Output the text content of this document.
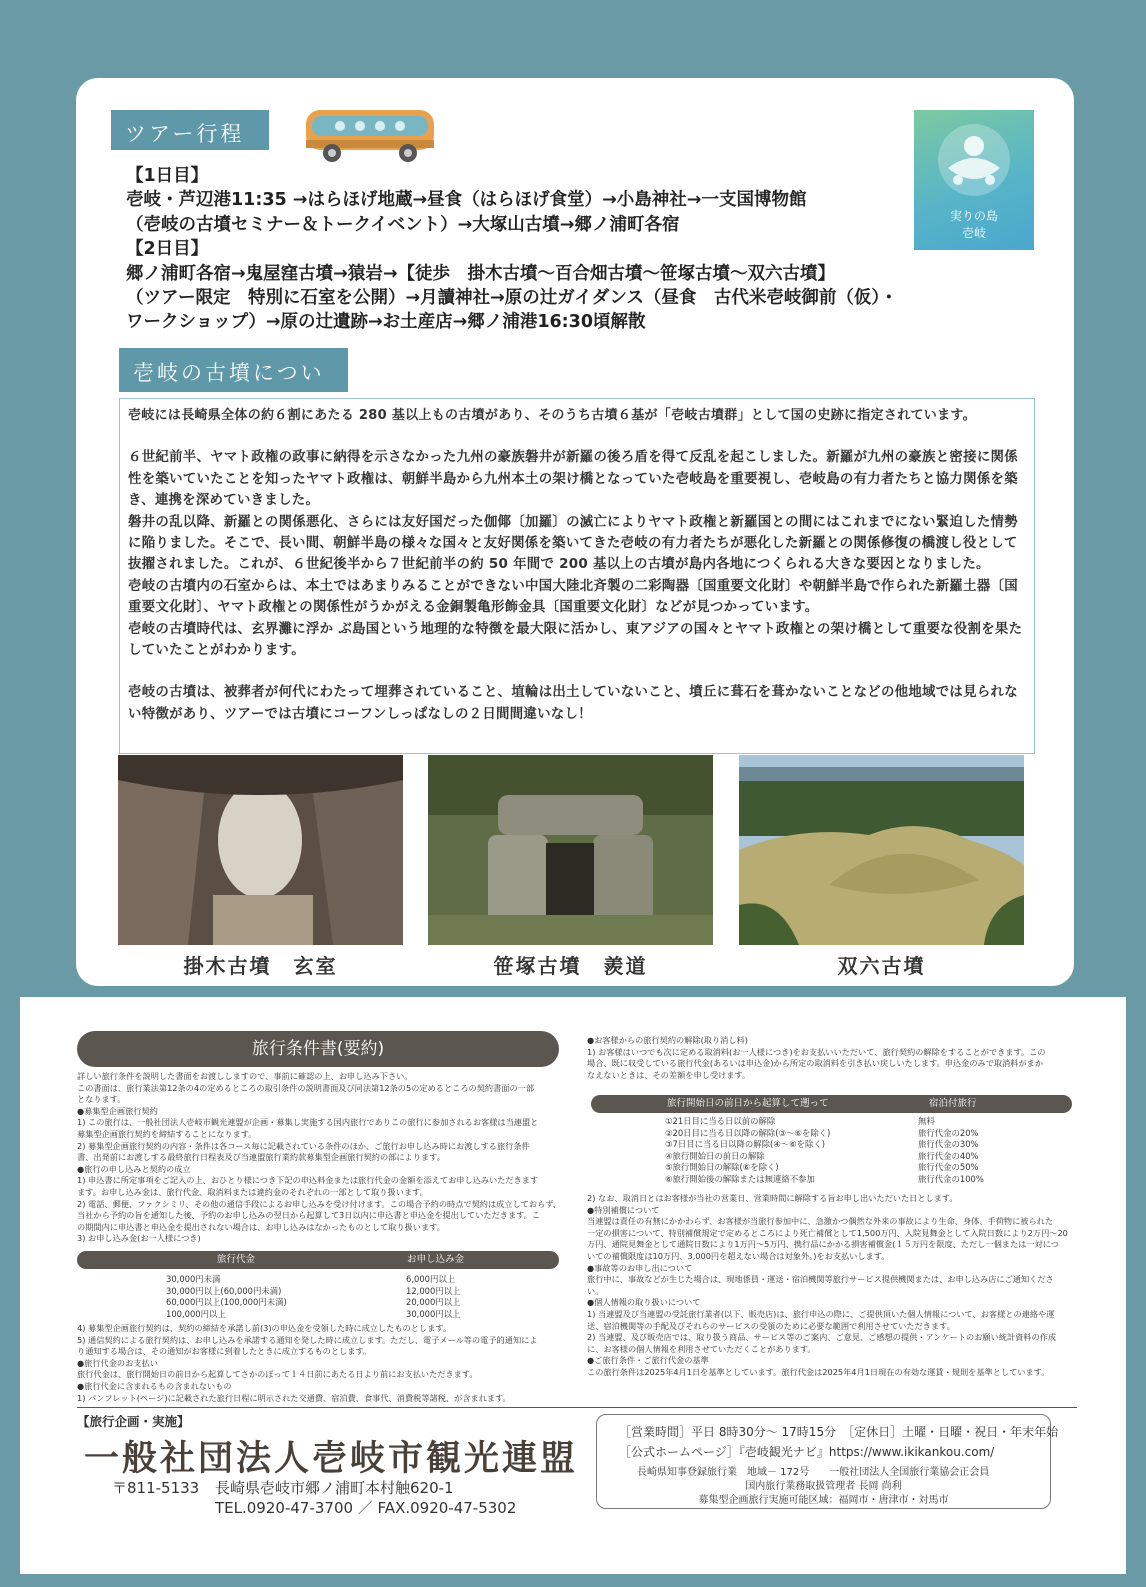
ツアー行程
【1日目】
壱岐・芦辺港11:35 →はらほげ地蔵→昼食（はらほげ食堂）→小島神社→一支国博物館
（壱岐の古墳セミナー＆トークイベント）→大塚山古墳→郷ノ浦町各宿
【2日目】
郷ノ浦町各宿→鬼屋窪古墳→猿岩→【徒歩　掛木古墳～百合畑古墳～笹塚古墳～双六古墳】
（ツアー限定　特別に石室を公開）→月讀神社→原の辻ガイダンス（昼食　古代米壱岐御前（仮）・
ワークショップ）→原の辻遺跡→お土産店→郷ノ浦港16:30頃解散
実りの島
壱岐
壱岐の古墳について

壱岐には長崎県全体の約６割にあたる 280 基以上もの古墳があり、そのうち古墳６基が「壱岐古墳群」として国の史跡に指定されています。

６世紀前半、ヤマト政権の政事に納得を示さなかった九州の豪族磐井が新羅の後ろ盾を得て反乱を起こしました。新羅が九州の豪族と密接に関係性を築いていたことを知ったヤマト政権は、朝鮮半島から九州本土の架け橋となっていた壱岐島を重要視し、壱岐島の有力者たちと協力関係を築き、連携を深めていきました。

磐井の乱以降、新羅との関係悪化、さらには友好国だった伽倻〔加羅〕の滅亡によりヤマト政権と新羅国との間にはこれまでにない緊迫した情勢に陥りました。そこで、長い間、朝鮮半島の様々な国々と友好関係を築いてきた壱岐の有力者たちが悪化した新羅との関係修復の橋渡し役として抜擢されました。これが、６世紀後半から７世紀前半の約 50 年間で 200 基以上の古墳が島内各地につくられる大きな要因となりました。

壱岐の古墳内の石室からは、本土ではあまりみることができない中国大陸北斉製の二彩陶器〔国重要文化財〕や朝鮮半島で作られた新羅土器〔国重要文化財〕、ヤマト政権との関係性がうかがえる金銅製亀形飾金具〔国重要文化財〕などが見つかっています。

壱岐の古墳時代は、玄界灘に浮か ぶ島国という地理的な特徴を最大限に活かし、東アジアの国々とヤマト政権との架け橋として重要な役割を果たしていたことがわかります。

壱岐の古墳は、被葬者が何代にわたって埋葬されていること、埴輪は出土していないこと、墳丘に葺石を葺かないことなどの他地域では見られない特徴があり、ツアーでは古墳にコーフンしっぱなしの２日間間違いなし！

掛木古墳　玄室	笹塚古墳　羨道	双六古墳
旅行条件書(要約)
詳しい旅行条件を説明した書面をお渡ししますので、事前に確認の上、お申し込み下さい。
この書面は、旅行業法第12条の4の定めるところの取引条件の説明書面及び同法第12条の5の定めるところの契約書面の一部
となります。
●募集型企画旅行契約
1) この旅行は、一般社団法人壱岐市観光連盟が企画・募集し実施する国内旅行でありこの旅行に参加されるお客様は当連盟と
募集型企画旅行契約を締結することになります。
2) 募集型企画旅行契約の内容・条件は各コース毎に記載されている条件のほか、ご旅行お申し込み時にお渡しする旅行条件
書、出発前にお渡しする最終旅行日程表及び当連盟旅行業約款募集型企画旅行契約の部によります。
●旅行の申し込みと契約の成立
1) 申込書に所定事項をご記入の上、おひとり様につき下記の申込料金または旅行代金の金額を添えてお申し込みいただきます
ます。お申し込み金は、旅行代金、取消料または違約金のそれぞれの一部として取り扱います。
2) 電話、郵便、ファクシミリ、その他の通信手段によるお申し込みを受け付けます。この場合予約の時点で契約は成立しておらず、
当社から予約の旨を通知した後、予約のお申し込みの翌日から起算して3日以内に申込書と申込金を提出していただきます。こ
の期間内に申込書と申込金を提出されない場合は、お申し込みはなかったものとして取り扱います。
3) お申し込み金(お一人様につき)
旅行代金	お申し込み金
30,000円未満	6,000円以上
30,000円以上(60,000円未満)	12,000円以上
60,000円以上(100,000円未満)	20,000円以上
100,000円以上	30,000円以上
4) 募集型企画旅行契約は、契約の締結を承諾し前(3)の申込金を受領した時に成立したものとします。
5) 通信契約による旅行契約は、お申し込みを承諾する通知を発した時に成立します。ただし、電子メール等の電子的通知によ
り通知する場合は、その通知がお客様に到着したときに成立するものとします。
●旅行代金のお支払い
旅行代金は、旅行開始日の前日から起算してさかのぼって１４日前にあたる日より前にお支払いただきます。
●旅行代金に含まれるもの含まれないもの
1) パンフレット(ページ)に記載された旅行日程に明示された交通費、宿泊費、食事代、消費税等諸税、が含まれます。
●お客様からの旅行契約の解除(取り消し料)
1) お客様はいつでも次に定める取消料(お一人様につき)をお支払いいただいて、旅行契約の解除をすることができます。この
場合、既に収受している旅行代金(あるいは申込金)から所定の取消料を引き払い戻しいたします。申込金のみで取消料がまか
なえないときは、その差額を申し受けます。
旅行開始日の前日から起算して遡って	宿泊付旅行
①21日目に当る日以前の解除	無料
②20日目に当る日以降の解除(③〜⑥を除く)	旅行代金の20%
③7日目に当る日以降の解除(④〜⑥を除く)	旅行代金の30%
④旅行開始日の前日の解除	旅行代金の40%
⑤旅行開始日の解除(⑥を除く)	旅行代金の50%
⑥旅行開始後の解除または無連絡不参加	旅行代金の100%
2) なお、取消日とはお客様が当社の営業日、営業時間に解除する旨お申し出いただいた日とします。
●特別補償について
当連盟は責任の有無にかかわらず、お客様が当旅行参加中に、急激かつ偶然な外来の事故により生命、身体、手荷物に被られた
一定の損害について、特別補償規定で定めるところにより死亡補償として1,500万円、入院見舞金として入院日数により2万円〜20
万円、通院見舞金として通院日数により1万円〜5万円、携行品にかかる損害補償金(１５万円を限度、ただし一個または一対につ
いての補償限度は10万円、3,000円を超えない場合は対象外。)をお支払いします。
●事故等のお申し出について
旅行中に、事故などが生じた場合は、現地係員・運送・宿泊機関等旅行サービス提供機関または、お申し込み店にご通知くださ
い。
●個人情報の取り扱いについて
1) 当連盟及び当連盟の受託旅行業者(以下、販売店)は、旅行申込の際に、ご提供頂いた個人情報について、お客様との連絡や運
送、宿泊機関等の手配及びそれらのサービスの受領のために必要な範囲で利用させていただきます。
2) 当連盟、及び販売店では、取り扱う商品、サービス等のご案内、ご意見、ご感想の提供・アンケートのお願い統計資料の作成
に、お客様の個人情報を利用させていただくことがあります。
●ご旅行条件・ご旅行代金の基準
この旅行条件は2025年4月1日を基準としています。旅行代金は2025年4月1日現在の有効な運賃・規則を基準としています。
【旅行企画・実施】
一般社団法人壱岐市観光連盟
〒811-5133 長崎県壱岐市郷ノ浦町本村触620-1
TEL.0920-47-3700 ／ FAX.0920-47-5302
［営業時間］平日 8時30分～ 17時15分　［定休日］土曜・日曜・祝日・年末年始
［公式ホームページ］『壱岐観光ナビ』https://www.ikikankou.com/
長崎県知事登録旅行業　地域－ 172号　　一般社団法人全国旅行業協会正会員
国内旅行業務取扱管理者 長岡 尚利
募集型企画旅行実施可能区域：福岡市・唐津市・対馬市
